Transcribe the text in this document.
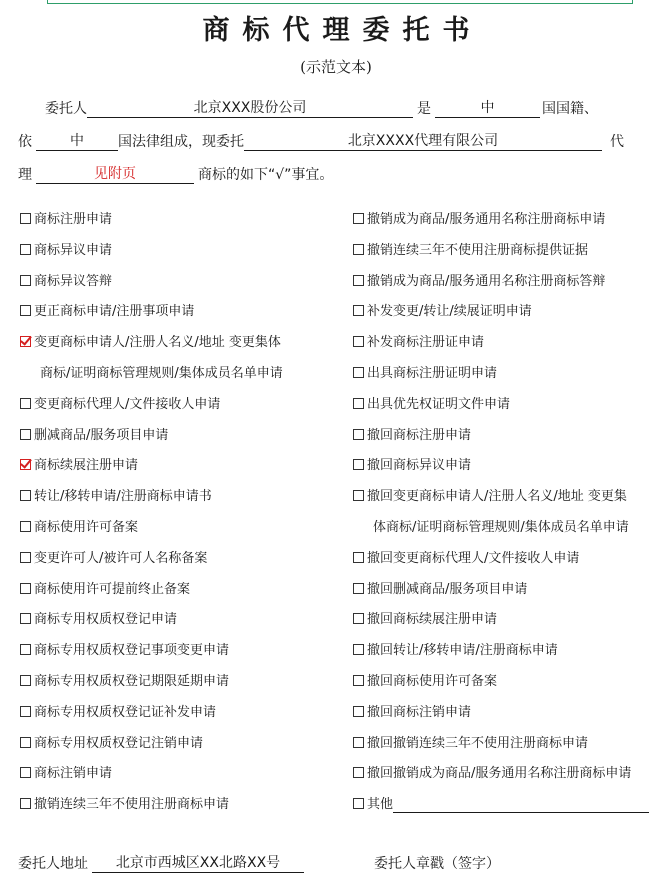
商标代理委托书
(示范文本)
委托人	北京XXX股份公司	是	中	国国籍、
依	中 国法律组成，现委托	北京XXXX代理有限公司	代
理	见附页	商标的如下“√”事宜。
商标注册申请
商标异议申请
商标异议答辩
更正商标申请/注册事项申请
变更商标申请人/注册人名义/地址 变更集体
商标/证明商标管理规则/集体成员名单申请
变更商标代理人/文件接收人申请
删减商品/服务项目申请
商标续展注册申请
转让/移转申请/注册商标申请书
商标使用许可备案
变更许可人/被许可人名称备案
商标使用许可提前终止备案
商标专用权质权登记申请
商标专用权质权登记事项变更申请
商标专用权质权登记期限延期申请
商标专用权质权登记证补发申请
商标专用权质权登记注销申请
商标注销申请
撤销连续三年不使用注册商标申请
撤销成为商品/服务通用名称注册商标申请
撤销连续三年不使用注册商标提供证据
撤销成为商品/服务通用名称注册商标答辩
补发变更/转让/续展证明申请
补发商标注册证申请
出具商标注册证明申请
出具优先权证明文件申请
撤回商标注册申请
撤回商标异议申请
撤回变更商标申请人/注册人名义/地址 变更集
体商标/证明商标管理规则/集体成员名单申请
撤回变更商标代理人/文件接收人申请
撤回删减商品/服务项目申请
撤回商标续展注册申请
撤回转让/移转申请/注册商标申请
撤回商标使用许可备案
撤回商标注销申请
撤回撤销连续三年不使用注册商标申请
撤回撤销成为商品/服务通用名称注册商标申请
其他
委托人地址 北京市西城区XX北路XX号	委托人章戳（签字）
